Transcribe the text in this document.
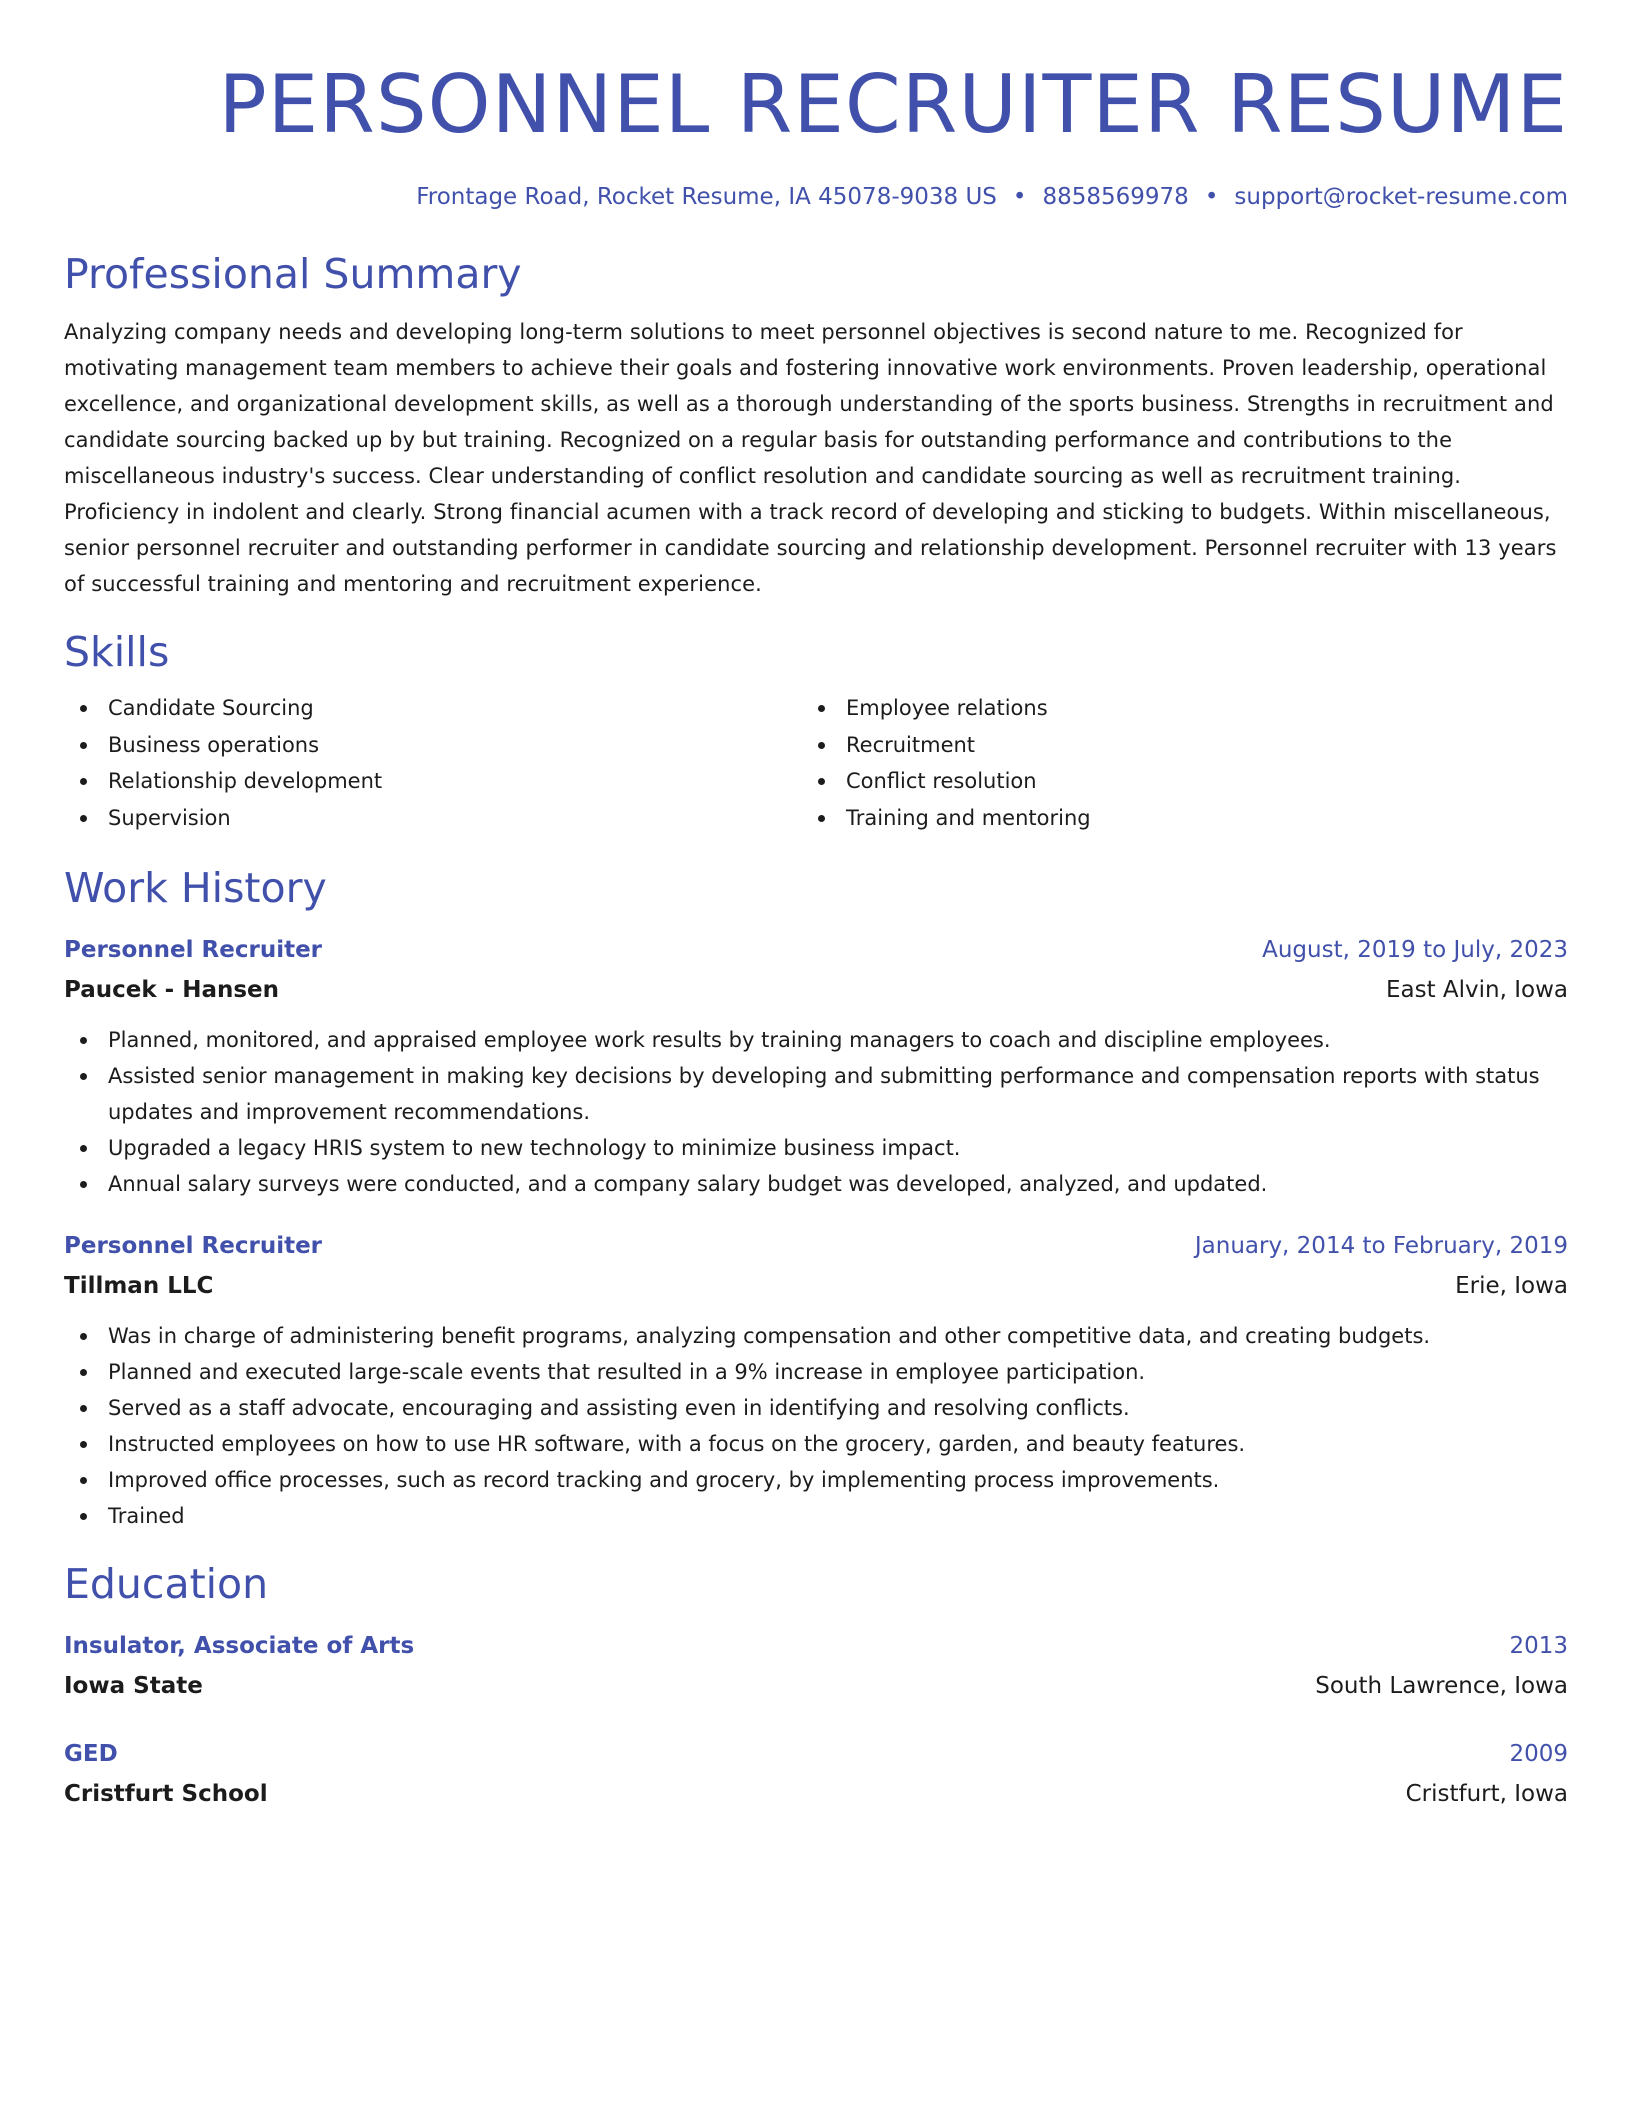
PERSONNEL RECRUITER RESUME
Frontage Road, Rocket Resume, IA 45078-9038 US • 8858569978 • support@rocket-resume.com
Professional Summary
Analyzing company needs and developing long-term solutions to meet personnel objectives is second nature to me. Recognized for motivating management team members to achieve their goals and fostering innovative work environments. Proven leadership, operational excellence, and organizational development skills, as well as a thorough understanding of the sports business. Strengths in recruitment and candidate sourcing backed up by but training. Recognized on a regular basis for outstanding performance and contributions to the miscellaneous industry's success. Clear understanding of conflict resolution and candidate sourcing as well as recruitment training. Proficiency in indolent and clearly. Strong financial acumen with a track record of developing and sticking to budgets. Within miscellaneous, senior personnel recruiter and outstanding performer in candidate sourcing and relationship development. Personnel recruiter with 13 years of successful training and mentoring and recruitment experience.
Skills
Candidate Sourcing
Business operations
Relationship development
Supervision
Employee relations
Recruitment
Conflict resolution
Training and mentoring
Work History
Personnel Recruiter	August, 2019 to July, 2023
Paucek - Hansen	East Alvin, Iowa
Planned, monitored, and appraised employee work results by training managers to coach and discipline employees.
Assisted senior management in making key decisions by developing and submitting performance and compensation reports with status updates and improvement recommendations.
Upgraded a legacy HRIS system to new technology to minimize business impact.
Annual salary surveys were conducted, and a company salary budget was developed, analyzed, and updated.
Personnel Recruiter	January, 2014 to February, 2019
Tillman LLC	Erie, Iowa
Was in charge of administering benefit programs, analyzing compensation and other competitive data, and creating budgets.
Planned and executed large-scale events that resulted in a 9% increase in employee participation.
Served as a staff advocate, encouraging and assisting even in identifying and resolving conflicts.
Instructed employees on how to use HR software, with a focus on the grocery, garden, and beauty features.
Improved office processes, such as record tracking and grocery, by implementing process improvements.
Trained
Education
Insulator, Associate of Arts	2013
Iowa State	South Lawrence, Iowa
GED	2009
Cristfurt School	Cristfurt, Iowa
